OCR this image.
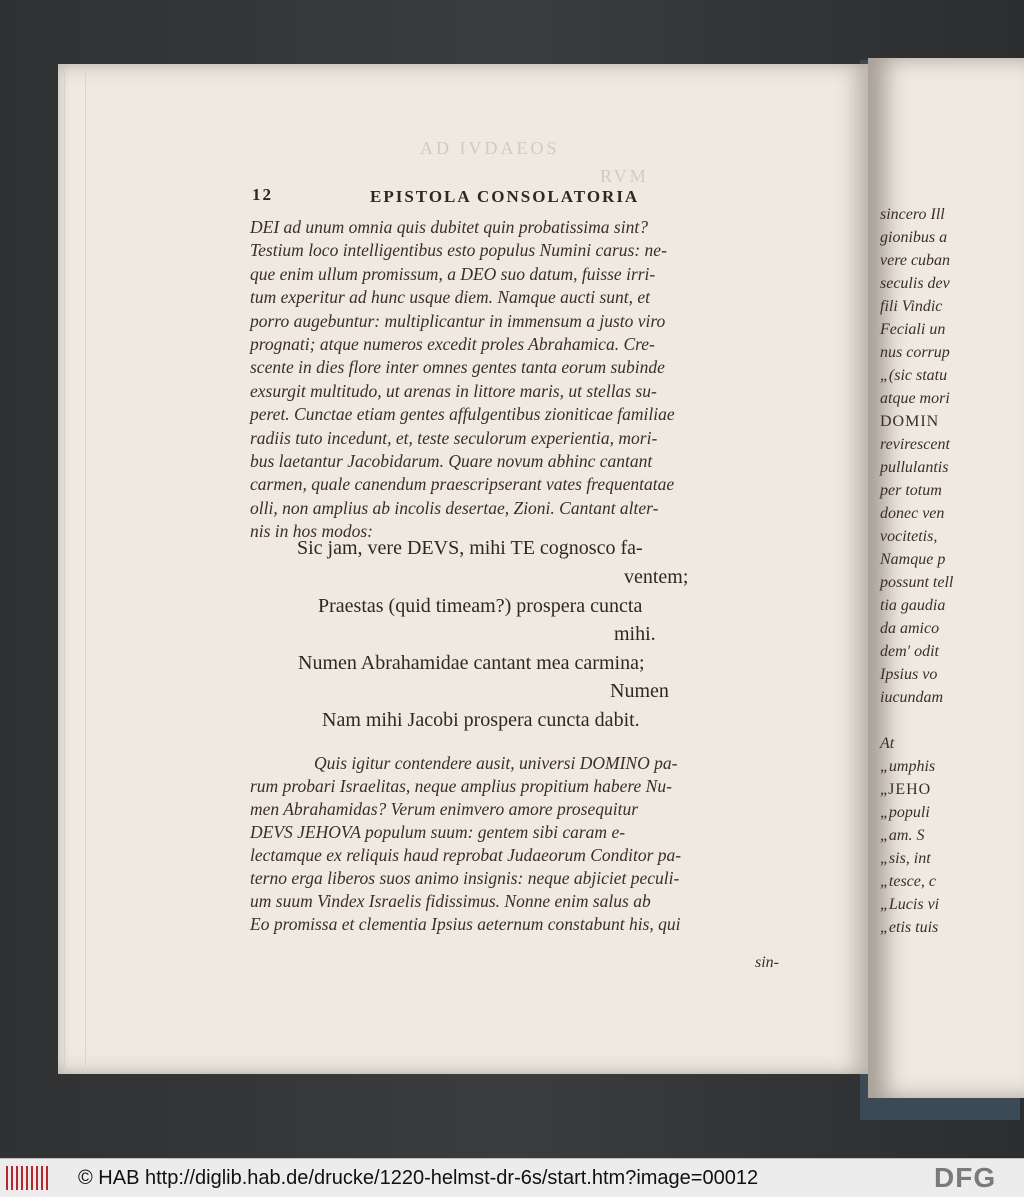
AD IVDAEOS
RVM
12	EPISTOLA CONSOLATORIA
DEI ad unum omnia quis dubitet quin probatissima sint?
Testium loco intelligentibus esto populus Numini carus: ne-
que enim ullum promissum, a DEO suo datum, fuisse irri-
tum experitur ad hunc usque diem. Namque aucti sunt, et
porro augebuntur: multiplicantur in immensum a justo viro
prognati; atque numeros excedit proles Abrahamica. Cre-
scente in dies flore inter omnes gentes tanta eorum subinde
exsurgit multitudo, ut arenas in littore maris, ut stellas su-
peret. Cunctae etiam gentes affulgentibus zioniticae familiae
radiis tuto incedunt, et, teste seculorum experientia, mori-
bus laetantur Jacobidarum. Quare novum abhinc cantant
carmen, quale canendum praescripserant vates frequentatae
olli, non amplius ab incolis desertae, Zioni. Cantant alter-
nis in hos modos:
Sic jam, vere DEVS, mihi TE cognosco fa-
ventem;
Praestas (quid timeam?) prospera cuncta
mihi.
Numen Abrahamidae cantant mea carmina;
Numen
Nam mihi Jacobi prospera cuncta dabit.
Quis igitur contendere ausit, universi DOMINO pa-
rum probari Israelitas, neque amplius propitium habere Nu-
men Abrahamidas? Verum enimvero amore prosequitur
DEVS JEHOVA populum suum: gentem sibi caram e-
lectamque ex reliquis haud reprobat Judaeorum Conditor pa-
terno erga liberos suos animo insignis: neque abjiciet peculi-
um suum Vindex Israelis fidissimus. Nonne enim salus ab
Eo promissa et clementia Ipsius aeternum constabunt his, qui
sin-
sincero Ill
gionibus a
vere cuban
seculis dev
fili Vindic
Feciali un
nus corrup
„(sic statu
atque mori
DOMIN
revirescent
pullulantis
per totum
donec ven
vocitetis,
Namque p
possunt tell
tia gaudia
da amico
dem' odit
Ipsius vo
iucundam
At
„umphis
„JEHO
„populi
„am. S
„sis, int
„tesce, c
„Lucis vi
„etis tuis
© HAB http://diglib.hab.de/drucke/1220-helmst-dr-6s/start.htm?image=00012	DFG
